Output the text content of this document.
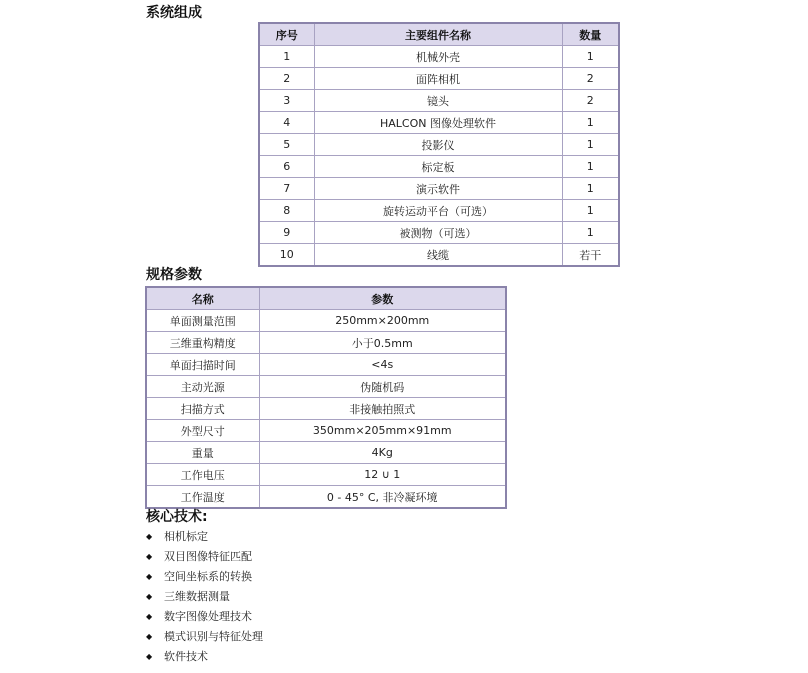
系统组成
序号	主要组件名称	数量
1	机械外壳	1
2	面阵相机	2
3	镜头	2
4	HALCON 图像处理软件	1
5	投影仪	1
6	标定板	1
7	演示软件	1
8	旋转运动平台（可选）	1
9	被测物（可选）	1
10	线缆	若干
规格参数
名称	参数
单面测量范围	250mm×200mm
三维重构精度	小于0.5mm
单面扫描时间	<4s
主动光源	伪随机码
扫描方式	非接触拍照式
外型尺寸	350mm×205mm×91mm
重量	4Kg
工作电压	12 ∪ 1
工作温度	0 - 45° C, 非冷凝环境
核心技术:
◆ 相机标定
◆ 双目图像特征匹配
◆ 空间坐标系的转换
◆ 三维数据测量
◆ 数字图像处理技术
◆ 模式识别与特征处理
◆ 软件技术
